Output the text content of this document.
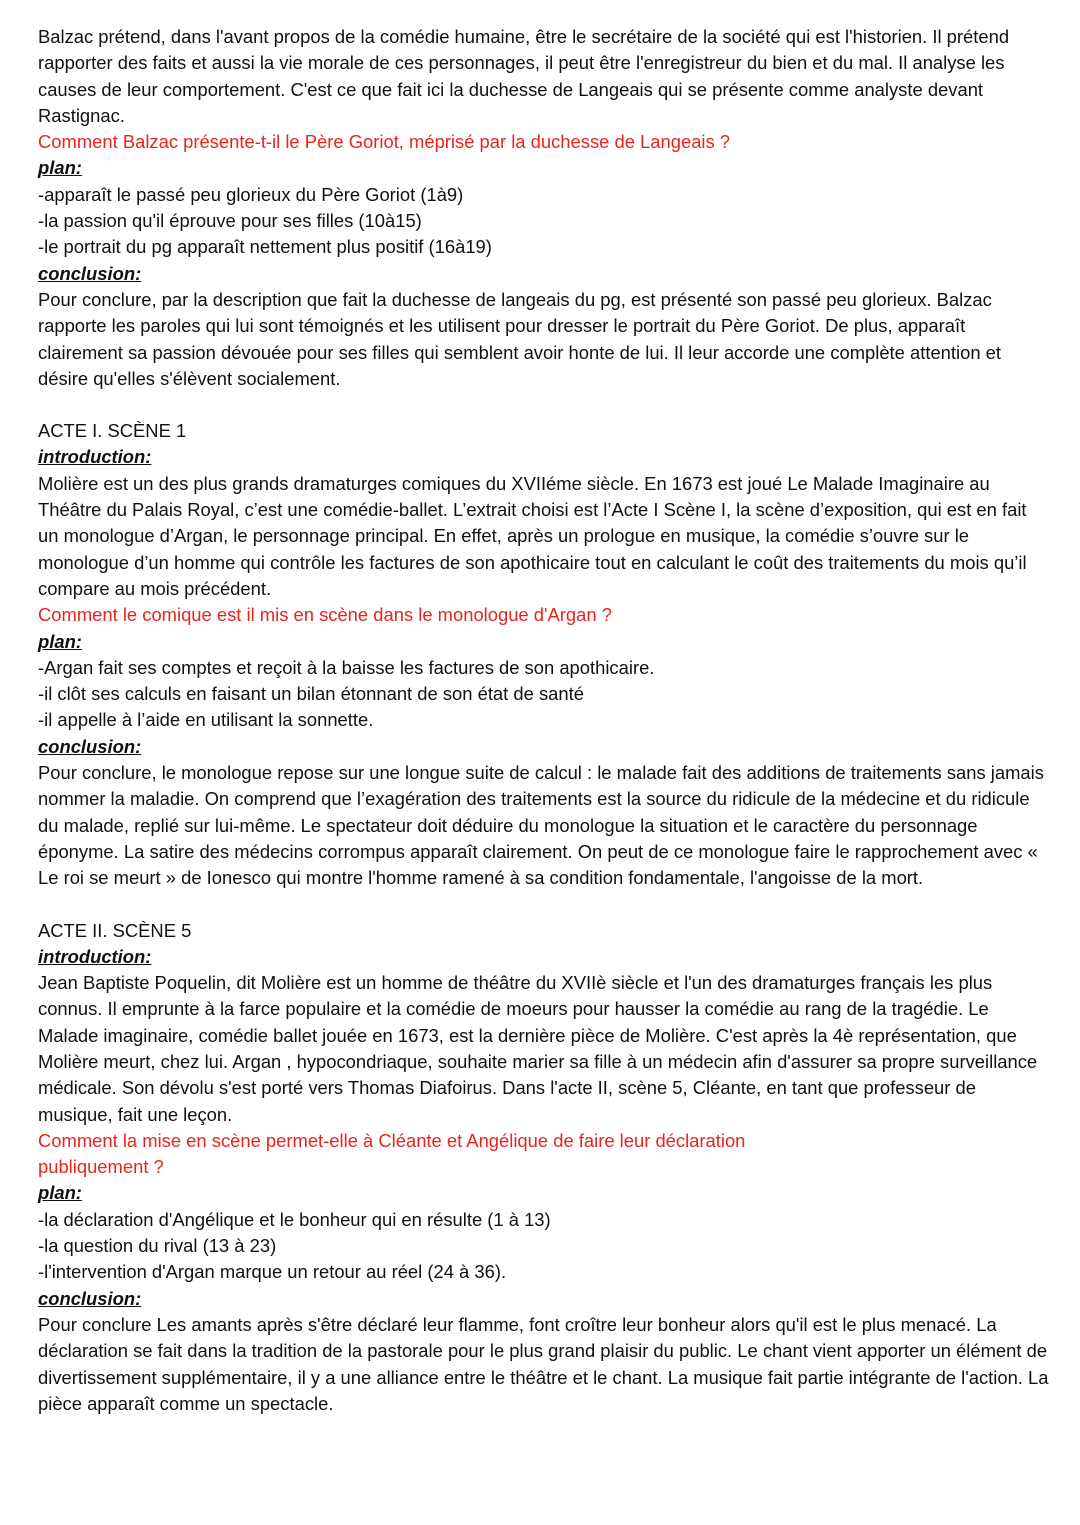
Balzac prétend, dans l'avant propos de la comédie humaine, être le secrétaire de la société qui est l'historien. Il prétend rapporter des faits et aussi la vie morale de ces personnages, il peut être l'enregistreur du bien et du mal. Il analyse les causes de leur comportement. C'est ce que fait ici la duchesse de Langeais qui se présente comme analyste devant Rastignac.

Comment Balzac présente-t-il le Père Goriot, méprisé par la duchesse de Langeais ?

plan:

-apparaît le passé peu glorieux du Père Goriot (1à9)

-la passion qu'il éprouve pour ses filles (10à15)

-le portrait du pg apparaît nettement plus positif (16à19)

conclusion:

Pour conclure, par la description que fait la duchesse de langeais du pg, est présenté son passé peu glorieux. Balzac rapporte les paroles qui lui sont témoignés et les utilisent pour dresser le portrait du Père Goriot. De plus, apparaît clairement sa passion dévouée pour ses filles qui semblent avoir honte de lui. Il leur accorde une complète attention et désire qu'elles s'élèvent socialement.

ACTE I. SCÈNE 1

introduction:

Molière est un des plus grands dramaturges comiques du XVIIéme siècle. En 1673 est joué Le Malade Imaginaire au Théâtre du Palais Royal, c’est une comédie-ballet. L’extrait choisi est l’Acte I Scène I, la scène d’exposition, qui est en fait un monologue d’Argan, le personnage principal. En effet, après un prologue en musique, la comédie s’ouvre sur le monologue d’un homme qui contrôle les factures de son apothicaire tout en calculant le coût des traitements du mois qu’il compare au mois précédent.

Comment le comique est il mis en scène dans le monologue d'Argan ?

plan:

-Argan fait ses comptes et reçoit à la baisse les factures de son apothicaire.

-il clôt ses calculs en faisant un bilan étonnant de son état de santé

-il appelle à l’aide en utilisant la sonnette.

conclusion:

Pour conclure, le monologue repose sur une longue suite de calcul : le malade fait des additions de traitements sans jamais nommer la maladie. On comprend que l’exagération des traitements est la source du ridicule de la médecine et du ridicule du malade, replié sur lui-même. Le spectateur doit déduire du monologue la situation et le caractère du personnage éponyme. La satire des médecins corrompus apparaît clairement. On peut de ce monologue faire le rapprochement avec « Le roi se meurt » de Ionesco qui montre l'homme ramené à sa condition fondamentale, l'angoisse de la mort.

ACTE II. SCÈNE 5

introduction:

Jean Baptiste Poquelin, dit Molière est un homme de théâtre du XVIIè siècle et l'un des dramaturges français les plus connus. Il emprunte à la farce populaire et la comédie de moeurs pour hausser la comédie au rang de la tragédie. Le Malade imaginaire, comédie ballet jouée en 1673, est la dernière pièce de Molière. C'est après la 4è représentation, que Molière meurt, chez lui. Argan , hypocondriaque, souhaite marier sa fille à un médecin afin d'assurer sa propre surveillance médicale. Son dévolu s'est porté vers Thomas Diafoirus. Dans l'acte II, scène 5, Cléante, en tant que professeur de musique, fait une leçon.

Comment la mise en scène permet-elle à Cléante et Angélique de faire leur déclaration publiquement ?

plan:

-la déclaration d'Angélique et le bonheur qui en résulte (1 à 13)

-la question du rival (13 à 23)

-l'intervention d'Argan marque un retour au réel (24 à 36).

conclusion:

Pour conclure Les amants après s'être déclaré leur flamme, font croître leur bonheur alors qu'il est le plus menacé. La déclaration se fait dans la tradition de la pastorale pour le plus grand plaisir du public. Le chant vient apporter un élément de divertissement supplémentaire, il y a une alliance entre le théâtre et le chant. La musique fait partie intégrante de l'action. La pièce apparaît comme un spectacle.
